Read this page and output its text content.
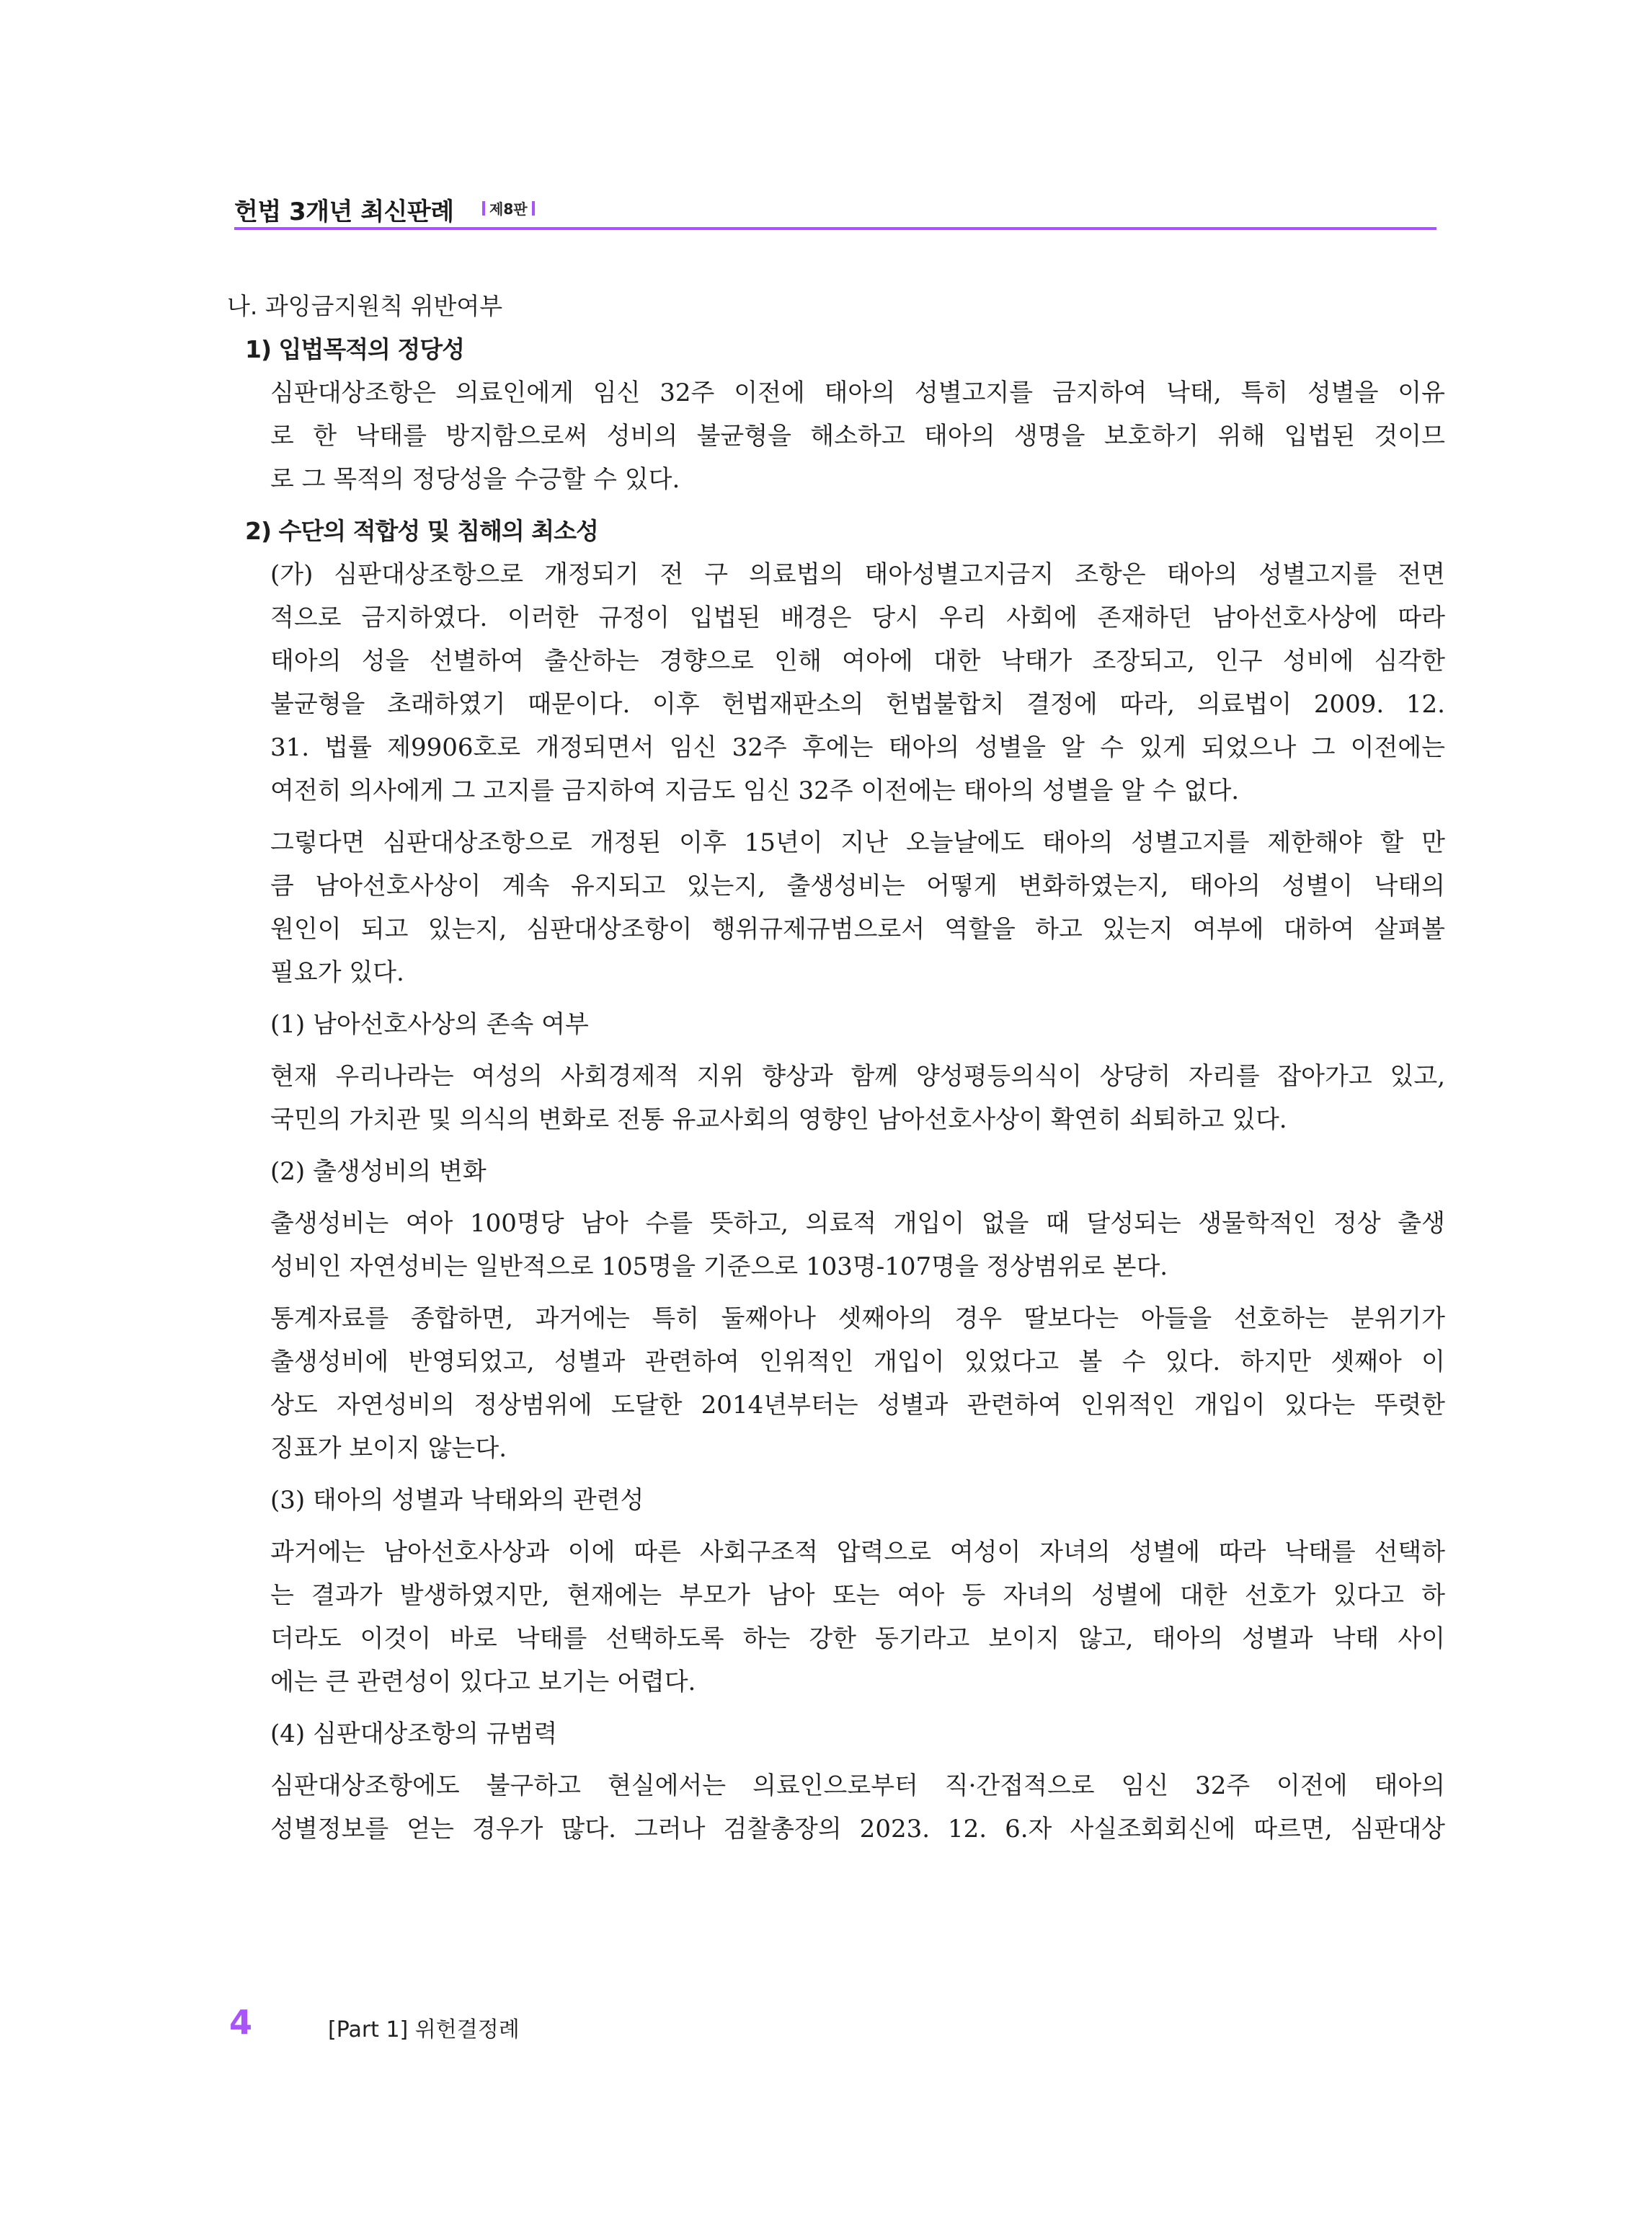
헌법 3개년 최신판례	제8판
나. 과잉금지원칙 위반여부
1) 입법목적의 정당성
심판대상조항은 의료인에게 임신 32주 이전에 태아의 성별고지를 금지하여 낙태, 특히 성별을 이유
로 한 낙태를 방지함으로써 성비의 불균형을 해소하고 태아의 생명을 보호하기 위해 입법된 것이므
로 그 목적의 정당성을 수긍할 수 있다.
2) 수단의 적합성 및 침해의 최소성
(가) 심판대상조항으로 개정되기 전 구 의료법의 태아성별고지금지 조항은 태아의 성별고지를 전면
적으로 금지하였다. 이러한 규정이 입법된 배경은 당시 우리 사회에 존재하던 남아선호사상에 따라
태아의 성을 선별하여 출산하는 경향으로 인해 여아에 대한 낙태가 조장되고, 인구 성비에 심각한
불균형을 초래하였기 때문이다. 이후 헌법재판소의 헌법불합치 결정에 따라, 의료법이 2009. 12.
31. 법률 제9906호로 개정되면서 임신 32주 후에는 태아의 성별을 알 수 있게 되었으나 그 이전에는
여전히 의사에게 그 고지를 금지하여 지금도 임신 32주 이전에는 태아의 성별을 알 수 없다.
그렇다면 심판대상조항으로 개정된 이후 15년이 지난 오늘날에도 태아의 성별고지를 제한해야 할 만
큼 남아선호사상이 계속 유지되고 있는지, 출생성비는 어떻게 변화하였는지, 태아의 성별이 낙태의
원인이 되고 있는지, 심판대상조항이 행위규제규범으로서 역할을 하고 있는지 여부에 대하여 살펴볼
필요가 있다.
(1) 남아선호사상의 존속 여부
현재 우리나라는 여성의 사회경제적 지위 향상과 함께 양성평등의식이 상당히 자리를 잡아가고 있고,
국민의 가치관 및 의식의 변화로 전통 유교사회의 영향인 남아선호사상이 확연히 쇠퇴하고 있다.
(2) 출생성비의 변화
출생성비는 여아 100명당 남아 수를 뜻하고, 의료적 개입이 없을 때 달성되는 생물학적인 정상 출생
성비인 자연성비는 일반적으로 105명을 기준으로 103명-107명을 정상범위로 본다.
통계자료를 종합하면, 과거에는 특히 둘째아나 셋째아의 경우 딸보다는 아들을 선호하는 분위기가
출생성비에 반영되었고, 성별과 관련하여 인위적인 개입이 있었다고 볼 수 있다. 하지만 셋째아 이
상도 자연성비의 정상범위에 도달한 2014년부터는 성별과 관련하여 인위적인 개입이 있다는 뚜렷한
징표가 보이지 않는다.
(3) 태아의 성별과 낙태와의 관련성
과거에는 남아선호사상과 이에 따른 사회구조적 압력으로 여성이 자녀의 성별에 따라 낙태를 선택하
는 결과가 발생하였지만, 현재에는 부모가 남아 또는 여아 등 자녀의 성별에 대한 선호가 있다고 하
더라도 이것이 바로 낙태를 선택하도록 하는 강한 동기라고 보이지 않고, 태아의 성별과 낙태 사이
에는 큰 관련성이 있다고 보기는 어렵다.
(4) 심판대상조항의 규범력
심판대상조항에도 불구하고 현실에서는 의료인으로부터 직·간접적으로 임신 32주 이전에 태아의
성별정보를 얻는 경우가 많다. 그러나 검찰총장의 2023. 12. 6.자 사실조회회신에 따르면, 심판대상
4	[Part 1] 위헌결정례
